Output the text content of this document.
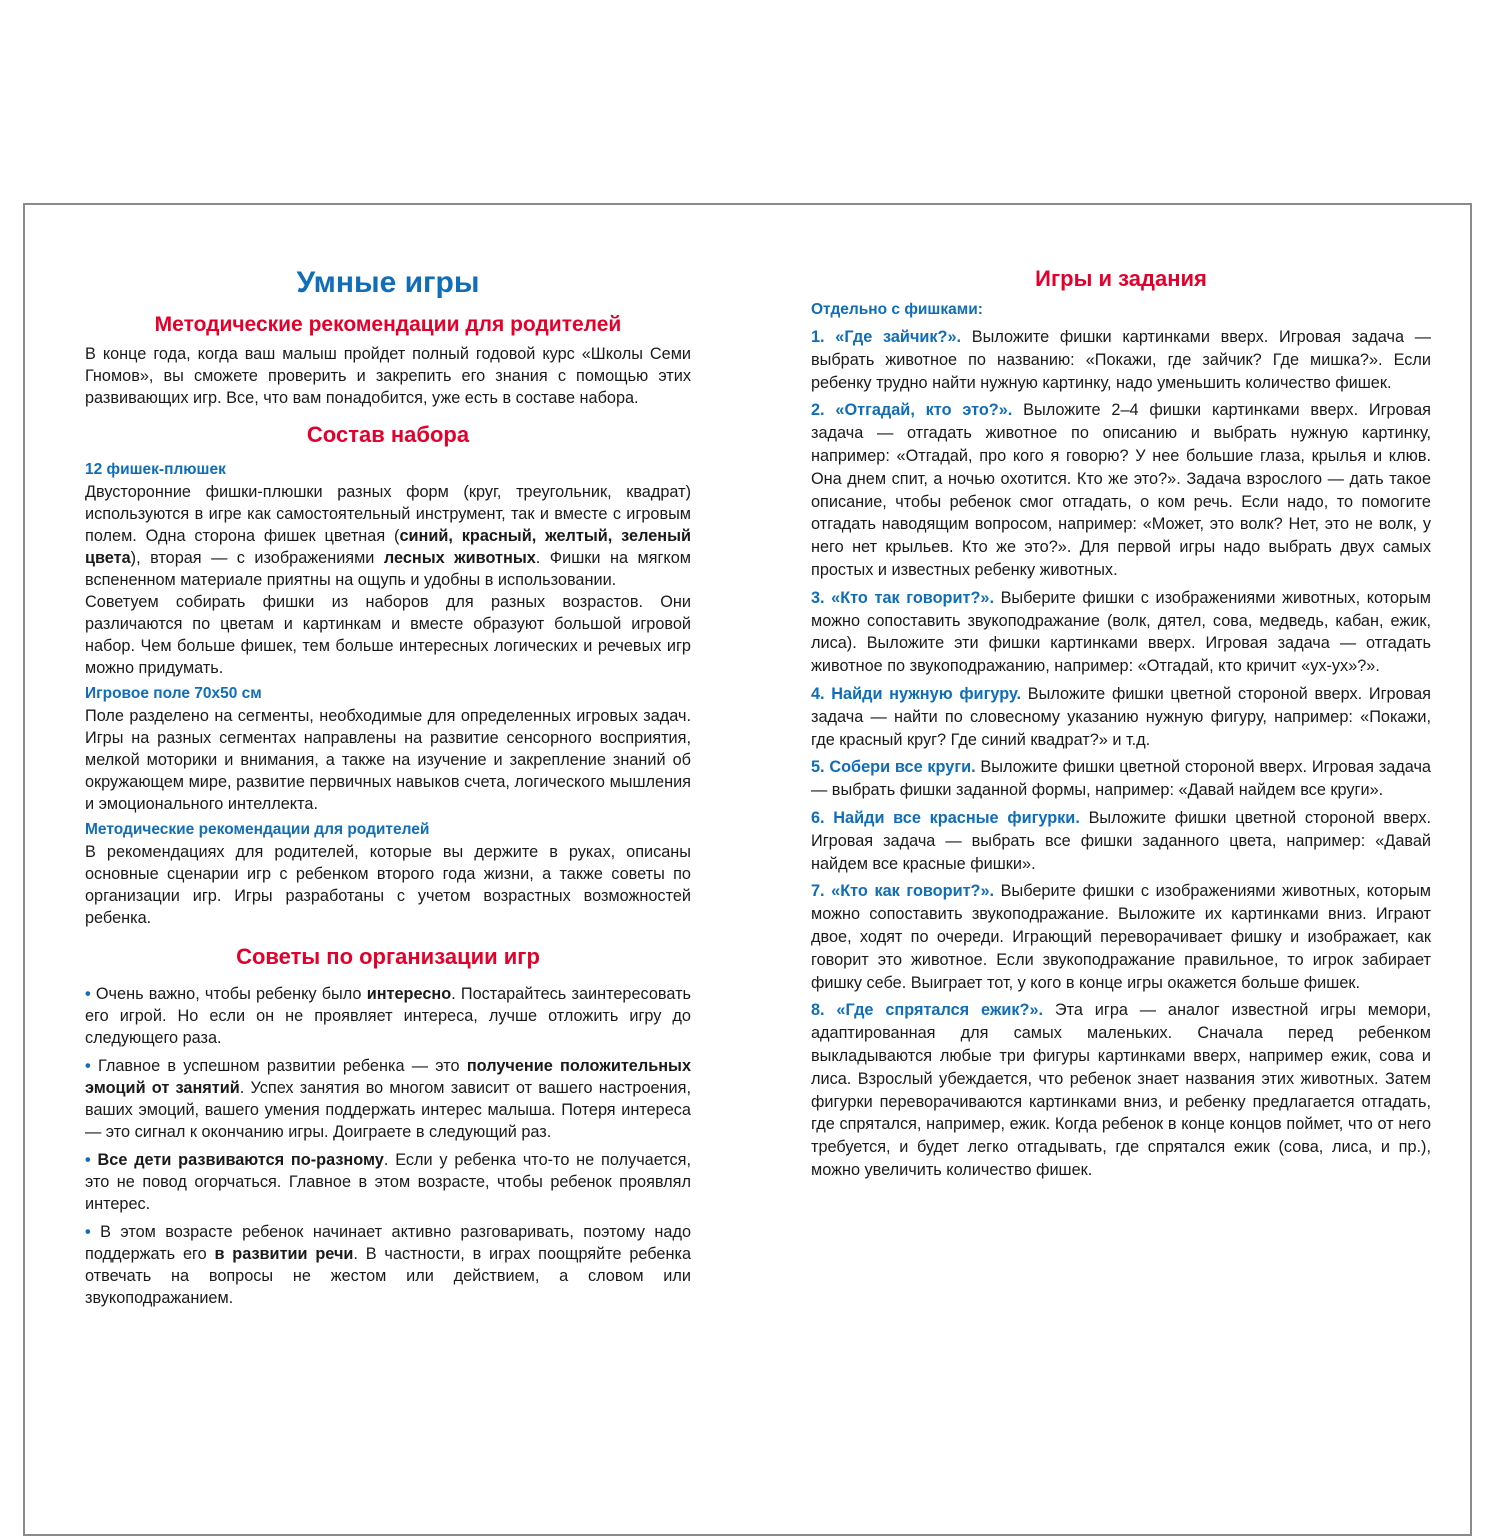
Умные игры
Методические рекомендации для родителей

В конце года, когда ваш малыш пройдет полный годовой курс «Школы Семи Гномов», вы сможете проверить и закрепить его знания с помощью этих развивающих игр. Все, что вам понадобится, уже есть в составе набора.

Состав набора

12 фишек-плюшек

Двусторонние фишки-плюшки разных форм (круг, треугольник, квадрат) используются в игре как самостоятельный инструмент, так и вместе с игровым полем. Одна сторона фишек цветная (синий, красный, желтый, зеленый цвета), вторая — с изображениями лесных животных. Фишки на мягком вспененном материале приятны на ощупь и удобны в использовании.

Советуем собирать фишки из наборов для разных возрастов. Они различаются по цветам и картинкам и вместе образуют большой игровой набор. Чем больше фишек, тем больше интересных логических и речевых игр можно придумать.

Игровое поле 70x50 см

Поле разделено на сегменты, необходимые для определенных игровых задач. Игры на разных сегментах направлены на развитие сенсорного восприятия, мелкой моторики и внимания, а также на изучение и закрепление знаний об окружающем мире, развитие первичных навыков счета, логического мышления и эмоционального интеллекта.

Методические рекомендации для родителей

В рекомендациях для родителей, которые вы держите в руках, описаны основные сценарии игр с ребенком второго года жизни, а также советы по организации игр. Игры разработаны с учетом возрастных возможностей ребенка.

Советы по организации игр

• Очень важно, чтобы ребенку было интересно. Постарайтесь заинтересовать его игрой. Но если он не проявляет интереса, лучше отложить игру до следующего раза.

• Главное в успешном развитии ребенка — это получение положительных эмоций от занятий. Успех занятия во многом зависит от вашего настроения, ваших эмоций, вашего умения поддержать интерес малыша. Потеря интереса — это сигнал к окончанию игры. Доиграете в следующий раз.

• Все дети развиваются по-разному. Если у ребенка что-то не получается, это не повод огорчаться. Главное в этом возрасте, чтобы ребенок проявлял интерес.

• В этом возрасте ребенок начинает активно разговаривать, поэтому надо поддержать его в развитии речи. В частности, в играх поощряйте ребенка отвечать на вопросы не жестом или действием, а словом или звукоподражанием.

Игры и задания

Отдельно с фишками:

1. «Где зайчик?». Выложите фишки картинками вверх. Игровая задача — выбрать животное по названию: «Покажи, где зайчик? Где мишка?». Если ребенку трудно найти нужную картинку, надо уменьшить количество фишек.

2. «Отгадай, кто это?». Выложите 2–4 фишки картинками вверх. Игровая задача — отгадать животное по описанию и выбрать нужную картинку, например: «Отгадай, про кого я говорю? У нее большие глаза, крылья и клюв. Она днем спит, а ночью охотится. Кто же это?». Задача взрослого — дать такое описание, чтобы ребенок смог отгадать, о ком речь. Если надо, то помогите отгадать наводящим вопросом, например: «Может, это волк? Нет, это не волк, у него нет крыльев. Кто же это?». Для первой игры надо выбрать двух самых простых и известных ребенку животных.

3. «Кто так говорит?». Выберите фишки с изображениями животных, которым можно сопоставить звукоподражание (волк, дятел, сова, медведь, кабан, ежик, лиса). Выложите эти фишки картинками вверх. Игровая задача — отгадать животное по звукоподражанию, например: «Отгадай, кто кричит «ух-ух»?».

4. Найди нужную фигуру. Выложите фишки цветной стороной вверх. Игровая задача — найти по словесному указанию нужную фигуру, например: «Покажи, где красный круг? Где синий квадрат?» и т.д.

5. Собери все круги. Выложите фишки цветной стороной вверх. Игровая задача — выбрать фишки заданной формы, например: «Давай найдем все круги».

6. Найди все красные фигурки. Выложите фишки цветной стороной вверх. Игровая задача — выбрать все фишки заданного цвета, например: «Давай найдем все красные фишки».

7. «Кто как говорит?». Выберите фишки с изображениями животных, которым можно сопоставить звукоподражание. Выложите их картинками вниз. Играют двое, ходят по очереди. Играющий переворачивает фишку и изображает, как говорит это животное. Если звукоподражание правильное, то игрок забирает фишку себе. Выиграет тот, у кого в конце игры окажется больше фишек.

8. «Где спрятался ежик?». Эта игра — аналог известной игры мемори, адаптированная для самых маленьких. Сначала перед ребенком выкладываются любые три фигуры картинками вверх, например ежик, сова и лиса. Взрослый убеждается, что ребенок знает названия этих животных. Затем фигурки переворачиваются картинками вниз, и ребенку предлагается отгадать, где спрятался, например, ежик. Когда ребенок в конце концов поймет, что от него требуется, и будет легко отгадывать, где спрятался ежик (сова, лиса, и пр.), можно увеличить количество фишек.
